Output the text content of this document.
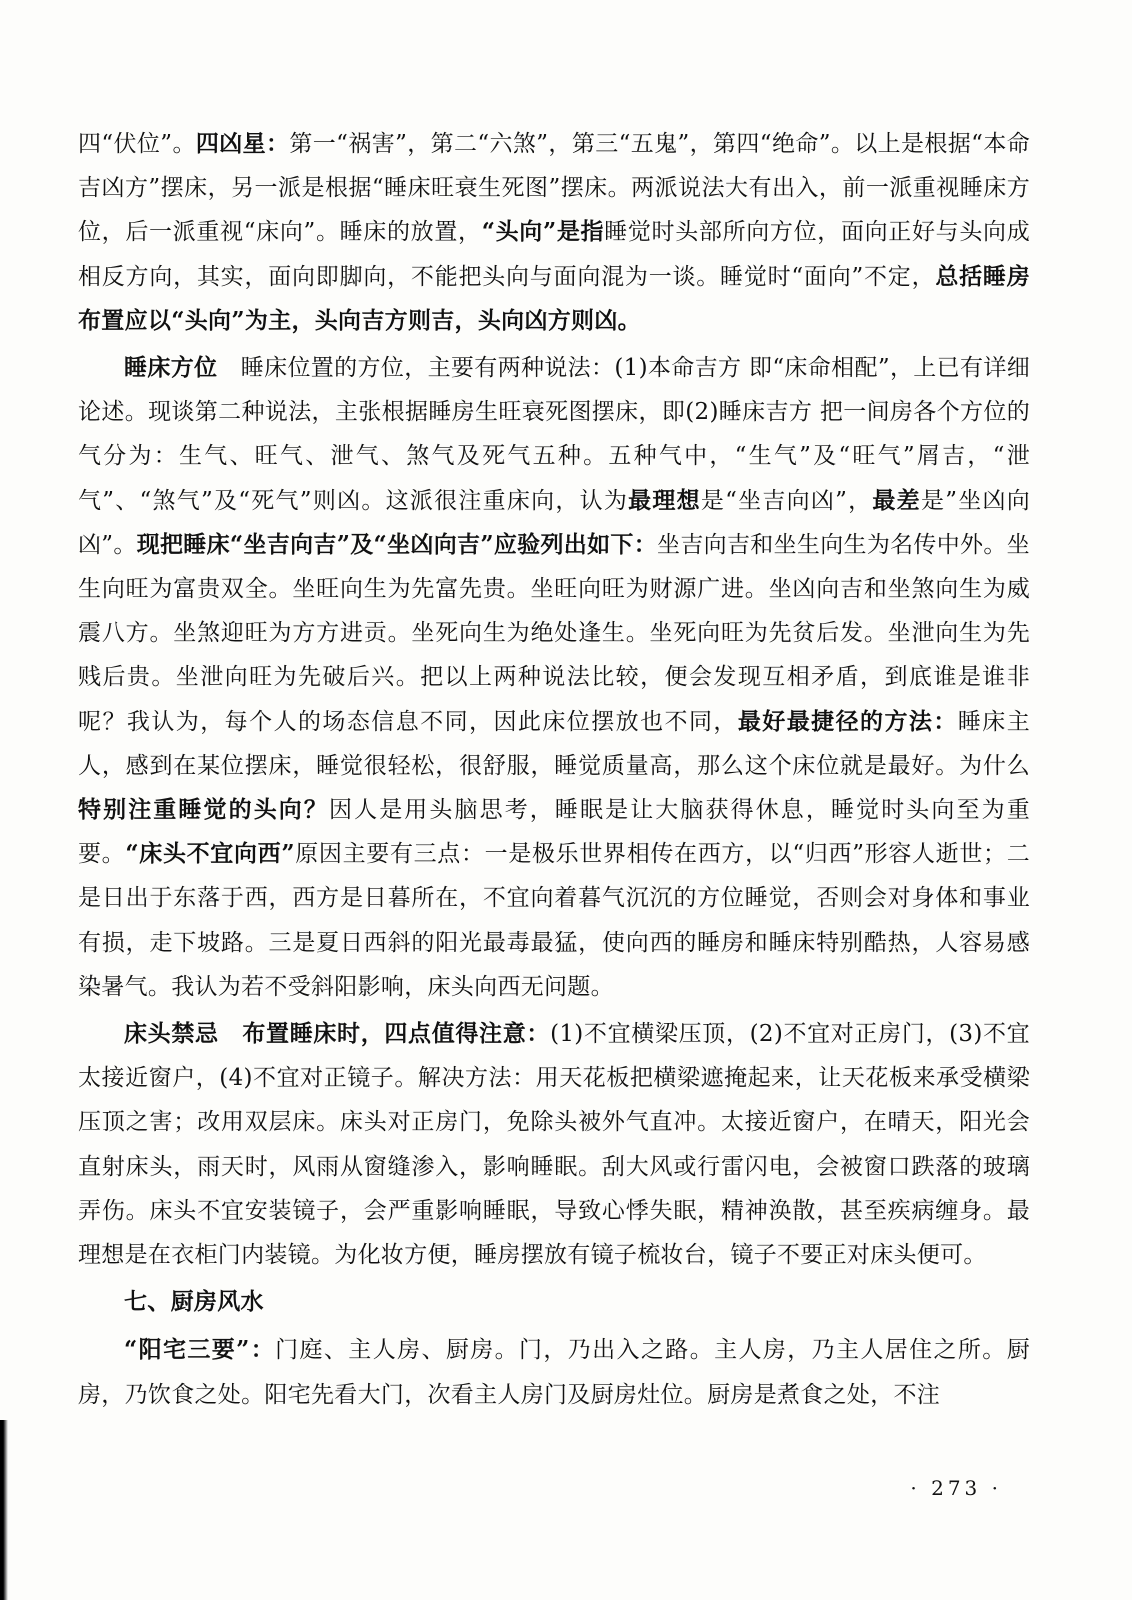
四“伏位”。四凶星：第一“祸害”，第二“六煞”，第三“五鬼”，第四“绝命”。以上是根据“本命吉凶方”摆床，另一派是根据“睡床旺衰生死图”摆床。两派说法大有出入，前一派重视睡床方位，后一派重视“床向”。睡床的放置，“头向”是指睡觉时头部所向方位，面向正好与头向成相反方向，其实，面向即脚向，不能把头向与面向混为一谈。睡觉时“面向”不定，总括睡房布置应以“头向”为主，头向吉方则吉，头向凶方则凶。
睡床方位　睡床位置的方位，主要有两种说法：(1)本命吉方 即“床命相配”，上已有详细论述。现谈第二种说法，主张根据睡房生旺衰死图摆床，即(2)睡床吉方 把一间房各个方位的气分为：生气、旺气、泄气、煞气及死气五种。五种气中，“生气”及“旺气”屑吉，“泄气”、“煞气”及“死气”则凶。这派很注重床向，认为最理想是“坐吉向凶”，最差是”坐凶向凶”。现把睡床“坐吉向吉”及“坐凶向吉”应验列出如下：坐吉向吉和坐生向生为名传中外。坐生向旺为富贵双全。坐旺向生为先富先贵。坐旺向旺为财源广进。坐凶向吉和坐煞向生为威震八方。坐煞迎旺为方方进贡。坐死向生为绝处逢生。坐死向旺为先贫后发。坐泄向生为先贱后贵。坐泄向旺为先破后兴。把以上两种说法比较，便会发现互相矛盾，到底谁是谁非呢？我认为，每个人的场态信息不同，因此床位摆放也不同，最好最捷径的方法：睡床主人，感到在某位摆床，睡觉很轻松，很舒服，睡觉质量高，那么这个床位就是最好。为什么特别注重睡觉的头向？因人是用头脑思考，睡眠是让大脑获得休息，睡觉时头向至为重要。“床头不宜向西”原因主要有三点：一是极乐世界相传在西方，以“归西”形容人逝世；二是日出于东落于西，西方是日暮所在，不宜向着暮气沉沉的方位睡觉，否则会对身体和事业有损，走下坡路。三是夏日西斜的阳光最毒最猛，使向西的睡房和睡床特别酷热，人容易感染暑气。我认为若不受斜阳影响，床头向西无问题。
床头禁忌　 布置睡床时，四点值得注意：(1)不宜横梁压顶，(2)不宜对正房门，(3)不宜太接近窗户，(4)不宜对正镜子。解决方法：用天花板把横梁遮掩起来，让天花板来承受横梁压顶之害；改用双层床。床头对正房门，免除头被外气直冲。太接近窗户，在晴天，阳光会直射床头，雨天时，风雨从窗缝渗入，影响睡眠。刮大风或行雷闪电，会被窗口跌落的玻璃弄伤。床头不宜安装镜子，会严重影响睡眠，导致心悸失眠，精神涣散，甚至疾病缠身。最理想是在衣柜门内装镜。为化妆方便，睡房摆放有镜子梳妆台，镜子不要正对床头便可。
七、厨房风水
“阳宅三要”：门庭、主人房、厨房。门，乃出入之路。主人房，乃主人居住之所。厨房，乃饮食之处。阳宅先看大门，次看主人房门及厨房灶位。厨房是煮食之处，不注
· 273 ·
